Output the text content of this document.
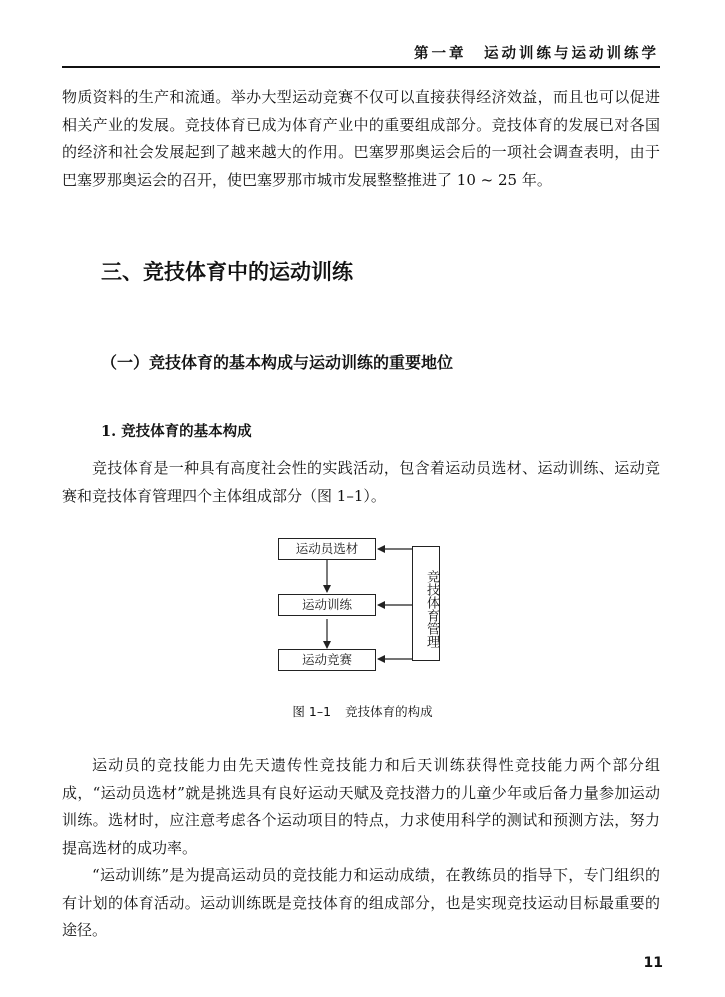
第一章　运动训练与运动训练学

物质资料的生产和流通。举办大型运动竞赛不仅可以直接获得经济效益，而且也可以促进相关产业的发展。竞技体育已成为体育产业中的重要组成部分。竞技体育的发展已对各国的经济和社会发展起到了越来越大的作用。巴塞罗那奥运会后的一项社会调查表明，由于巴塞罗那奥运会的召开，使巴塞罗那市城市发展整整推进了 10 ~ 25 年。

三、竞技体育中的运动训练
（一）竞技体育的基本构成与运动训练的重要地位
1. 竞技体育的基本构成

竞技体育是一种具有高度社会性的实践活动，包含着运动员选材、运动训练、运动竞赛和竞技体育管理四个主体组成部分（图 1–1）。

运动员选材
运动训练
运动竞赛
竞技体育管理

图 1–1 竞技体育的构成

运动员的竞技能力由先天遗传性竞技能力和后天训练获得性竞技能力两个部分组成，“运动员选材”就是挑选具有良好运动天赋及竞技潜力的儿童少年或后备力量参加运动训练。选材时，应注意考虑各个运动项目的特点，力求使用科学的测试和预测方法，努力提高选材的成功率。

“运动训练”是为提高运动员的竞技能力和运动成绩，在教练员的指导下，专门组织的有计划的体育活动。运动训练既是竞技体育的组成部分，也是实现竞技运动目标最重要的途径。

11
